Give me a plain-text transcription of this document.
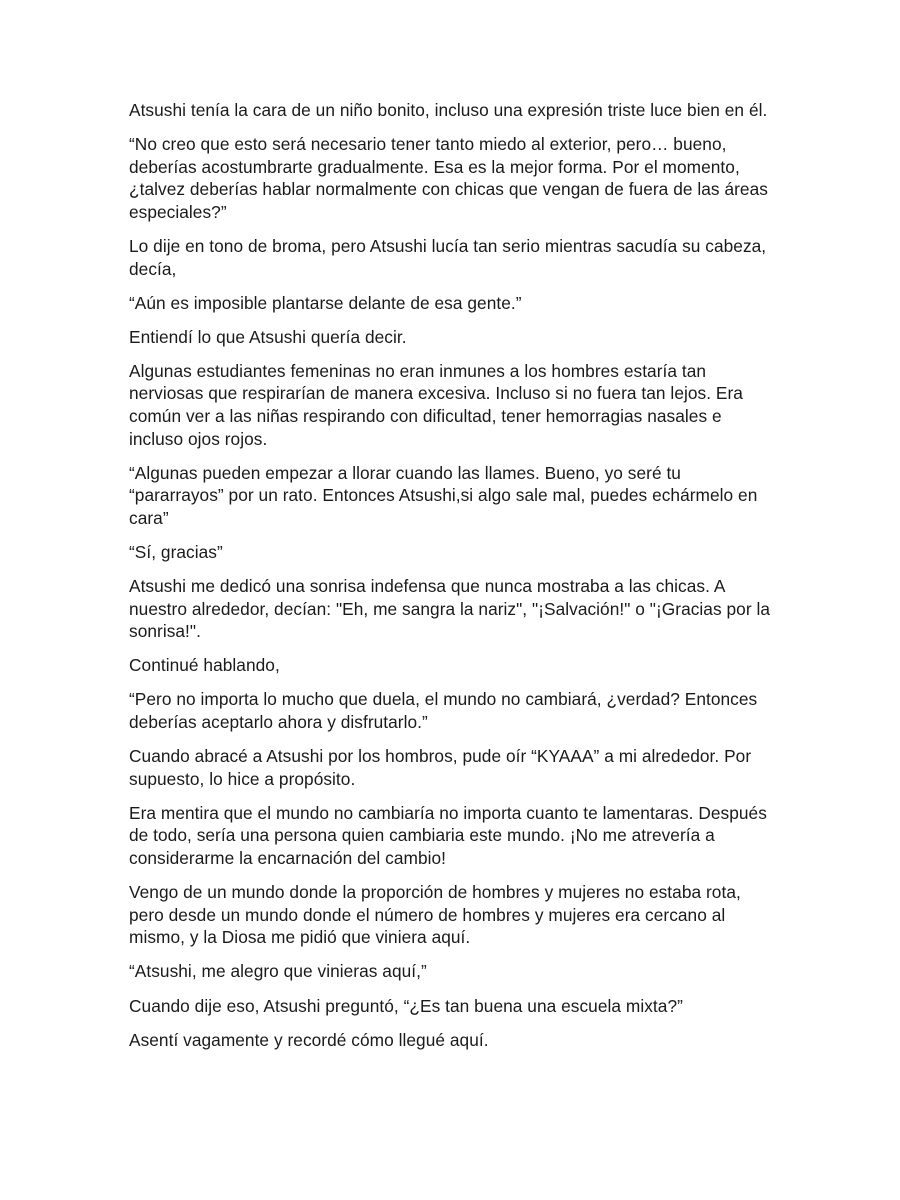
Atsushi tenía la cara de un niño bonito, incluso una expresión triste luce bien en él.

“No creo que esto será necesario tener tanto miedo al exterior, pero… bueno, deberías acostumbrarte gradualmente. Esa es la mejor forma. Por el momento, ¿talvez deberías hablar normalmente con chicas que vengan de fuera de las áreas especiales?”

Lo dije en tono de broma, pero Atsushi lucía tan serio mientras sacudía su cabeza, decía,

“Aún es imposible plantarse delante de esa gente.”

Entiendí lo que Atsushi quería decir.

Algunas estudiantes femeninas no eran inmunes a los hombres estaría tan nerviosas que respirarían de manera excesiva. Incluso si no fuera tan lejos. Era común ver a las niñas respirando con dificultad, tener hemorragias nasales e incluso ojos rojos.

“Algunas pueden empezar a llorar cuando las llames. Bueno, yo seré tu “pararrayos” por un rato. Entonces Atsushi,si algo sale mal, puedes echármelo en cara”

“Sí, gracias”

Atsushi me dedicó una sonrisa indefensa que nunca mostraba a las chicas. A nuestro alrededor, decían: "Eh, me sangra la nariz", "¡Salvación!" o "¡Gracias por la sonrisa!".

Continué hablando,

“Pero no importa lo mucho que duela, el mundo no cambiará, ¿verdad? Entonces deberías aceptarlo ahora y disfrutarlo.”

Cuando abracé a Atsushi por los hombros, pude oír “KYAAA” a mi alrededor. Por supuesto, lo hice a propósito.

Era mentira que el mundo no cambiaría no importa cuanto te lamentaras. Después de todo, sería una persona quien cambiaria este mundo. ¡No me atrevería a considerarme la encarnación del cambio!

Vengo de un mundo donde la proporción de hombres y mujeres no estaba rota, pero desde un mundo donde el número de hombres y mujeres era cercano al mismo, y la Diosa me pidió que viniera aquí.

“Atsushi, me alegro que vinieras aquí,”

Cuando dije eso, Atsushi preguntó, “¿Es tan buena una escuela mixta?”

Asentí vagamente y recordé cómo llegué aquí.
